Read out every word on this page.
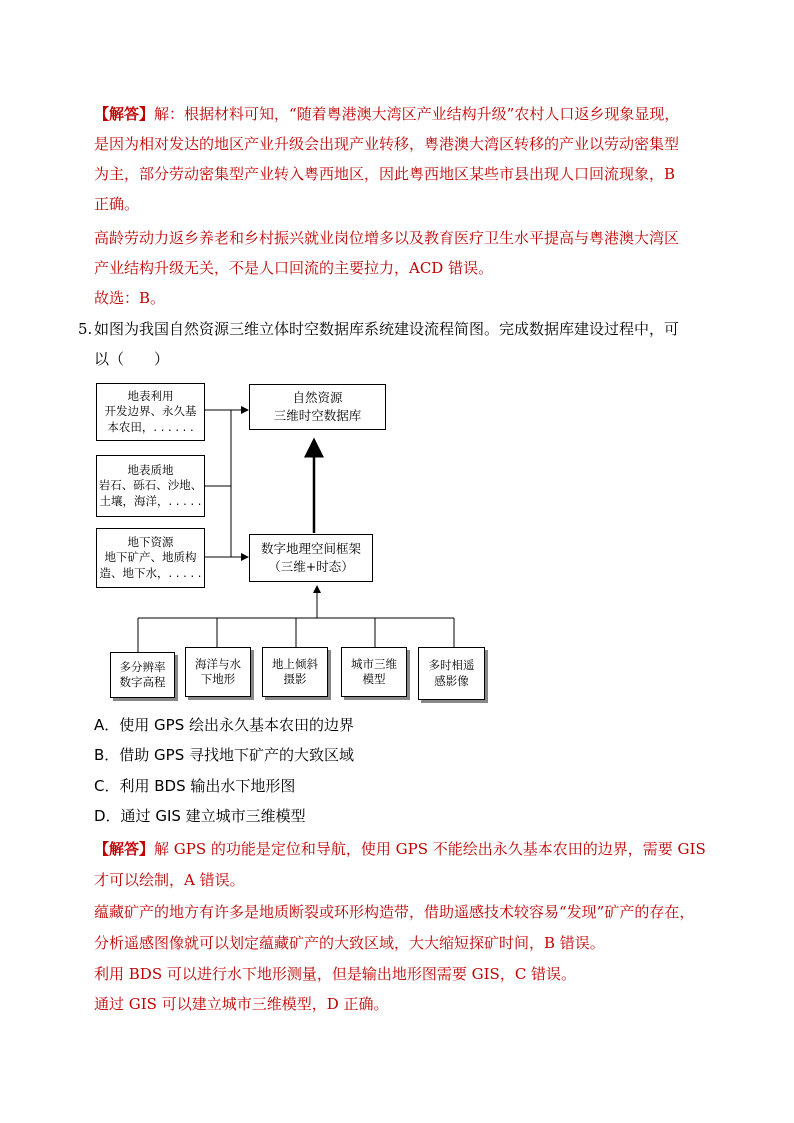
【解答】解：根据材料可知，“随着粤港澳大湾区产业结构升级”农村人口返乡现象显现，
是因为相对发达的地区产业升级会出现产业转移，粤港澳大湾区转移的产业以劳动密集型
为主，部分劳动密集型产业转入粤西地区，因此粤西地区某些市县出现人口回流现象，B
正确。
高龄劳动力返乡养老和乡村振兴就业岗位增多以及教育医疗卫生水平提高与粤港澳大湾区
产业结构升级无关，不是人口回流的主要拉力，ACD 错误。
故选：B。
5. 如图为我国自然资源三维立体时空数据库系统建设流程简图。完成数据库建设过程中，可
以（　　）
地表利用
开发边界、永久基
本农田，. . . . . .
地表质地
岩石、砾石、沙地、
土壤，海洋，. . . . .
地下资源
地下矿产、地质构
造、地下水，. . . . .
自然资源
三维时空数据库
数字地理空间框架
（三维+时态）
多分辨率
数字高程
海洋与水
下地形
地上倾斜
摄影
城市三维
模型
多时相遥
感影像
A．使用 GPS 绘出永久基本农田的边界
B．借助 GPS 寻找地下矿产的大致区域
C．利用 BDS 输出水下地形图
D．通过 GIS 建立城市三维模型
【解答】解 GPS 的功能是定位和导航，使用 GPS 不能绘出永久基本农田的边界，需要 GIS
才可以绘制，A 错误。
蕴藏矿产的地方有许多是地质断裂或环形构造带，借助遥感技术较容易“发现”矿产的存在，
分析遥感图像就可以划定蕴藏矿产的大致区域，大大缩短探矿时间，B 错误。
利用 BDS 可以进行水下地形测量，但是输出地形图需要 GIS，C 错误。
通过 GIS 可以建立城市三维模型，D 正确。
